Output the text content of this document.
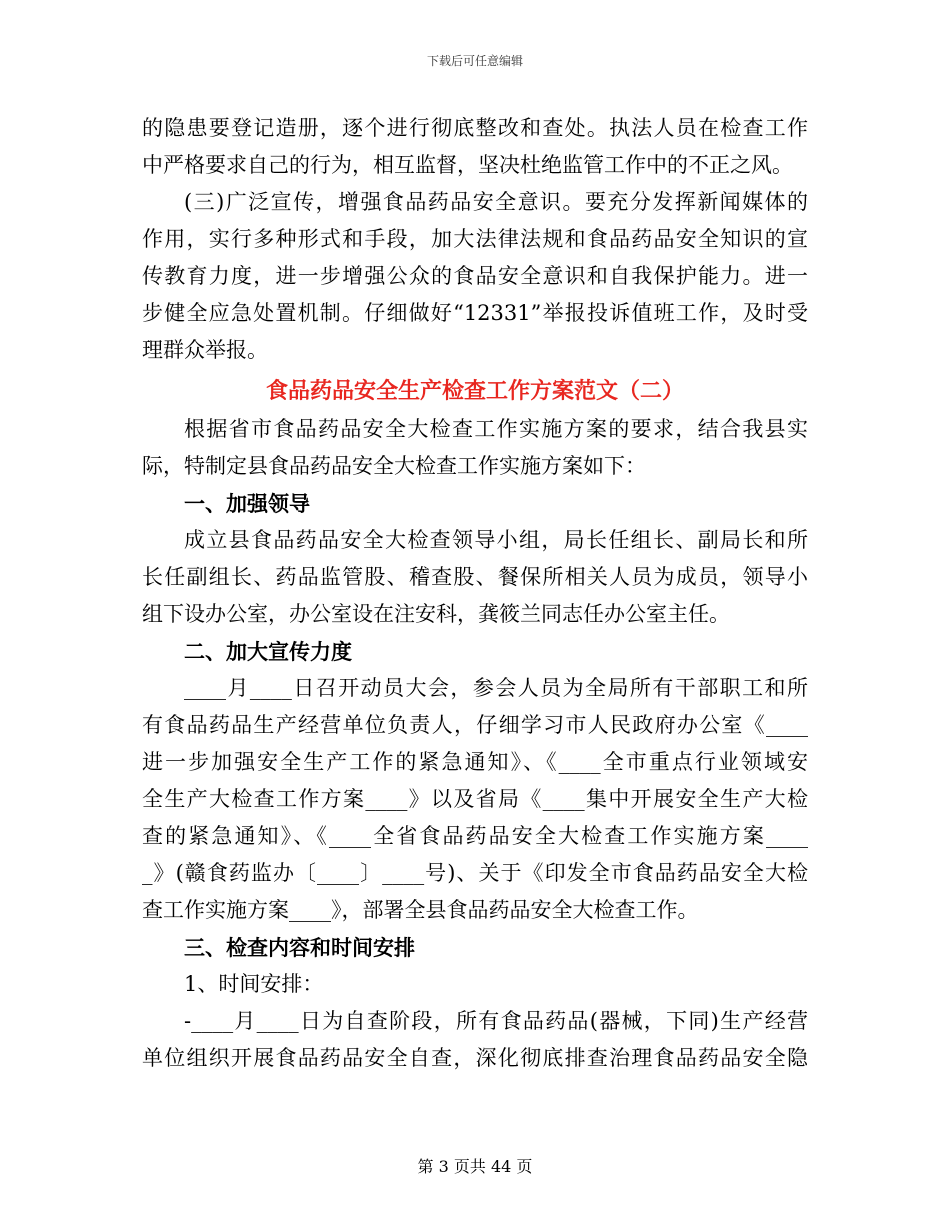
下载后可任意编辑
的隐患要登记造册，逐个进行彻底整改和查处。执法人员在检查工作
中严格要求自己的行为，相互监督，坚决杜绝监管工作中的不正之风。
(三)广泛宣传，增强食品药品安全意识。要充分发挥新闻媒体的
作用，实行多种形式和手段，加大法律法规和食品药品安全知识的宣
传教育力度，进一步增强公众的食品安全意识和自我保护能力。进一
步健全应急处置机制。仔细做好“12331”举报投诉值班工作，及时受
理群众举报。
食品药品安全生产检查工作方案范文（二）
根据省市食品药品安全大检查工作实施方案的要求，结合我县实
际，特制定县食品药品安全大检查工作实施方案如下：
一、加强领导
成立县食品药品安全大检查领导小组，局长任组长、副局长和所
长任副组长、药品监管股、稽查股、餐保所相关人员为成员，领导小
组下设办公室，办公室设在注安科，龚筱兰同志任办公室主任。
二、加大宣传力度
____月____日召开动员大会，参会人员为全局所有干部职工和所
有食品药品生产经营单位负责人，仔细学习市人民政府办公室《____
进一步加强安全生产工作的紧急通知》、《____全市重点行业领域安
全生产大检查工作方案____》以及省局《____集中开展安全生产大检
查的紧急通知》、《____全省食品药品安全大检查工作实施方案____
_》(赣食药监办〔____〕____号)、关于《印发全市食品药品安全大检
查工作实施方案____》，部署全县食品药品安全大检查工作。
三、检查内容和时间安排
1、时间安排：
-____月____日为自查阶段，所有食品药品(器械，下同)生产经营
单位组织开展食品药品安全自查，深化彻底排查治理食品药品安全隐
第 3 页共 44 页
